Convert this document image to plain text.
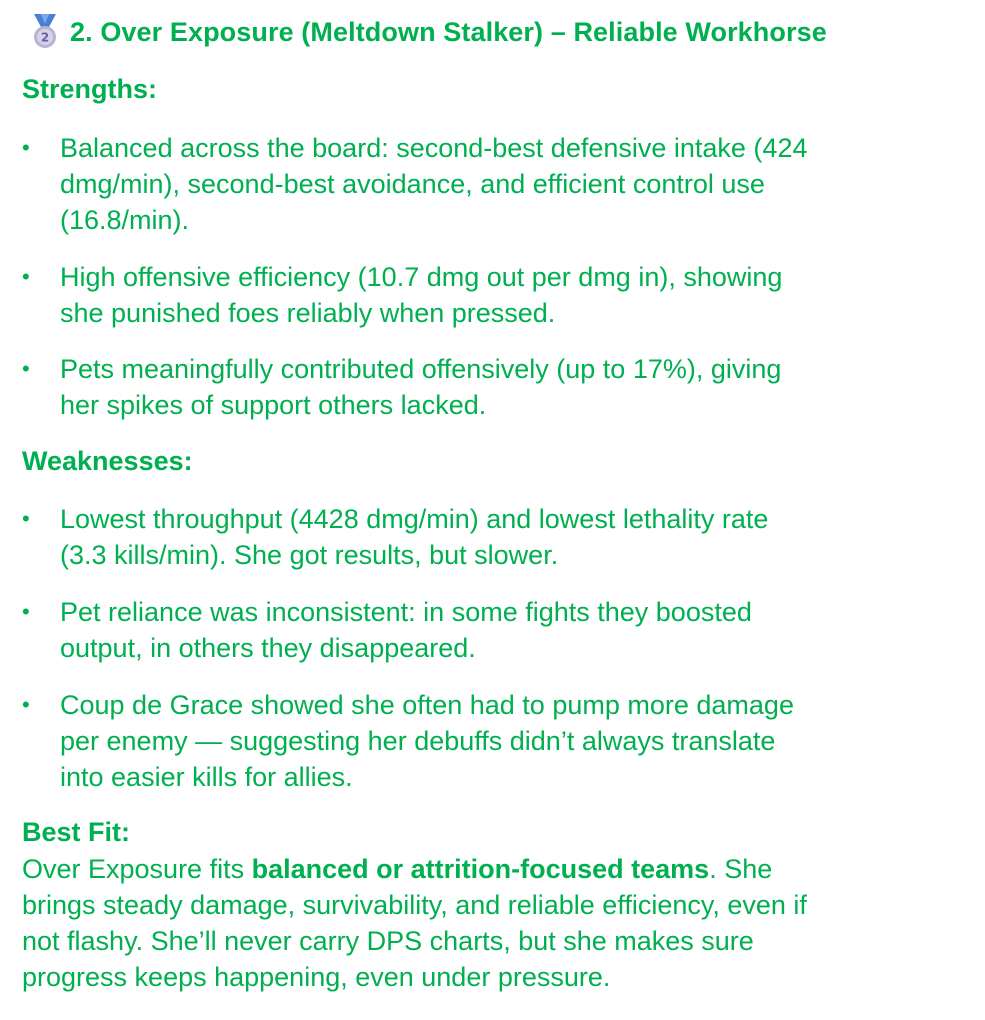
2 2. Over Exposure (Meltdown Stalker) – Reliable Workhorse
Strengths:
•	Balanced across the board: second-best defensive intake (424
dmg/min), second-best avoidance, and efficient control use
(16.8/min).
•	High offensive efficiency (10.7 dmg out per dmg in), showing
she punished foes reliably when pressed.
•	Pets meaningfully contributed offensively (up to 17%), giving
her spikes of support others lacked.
Weaknesses:
•	Lowest throughput (4428 dmg/min) and lowest lethality rate
(3.3 kills/min). She got results, but slower.
•	Pet reliance was inconsistent: in some fights they boosted
output, in others they disappeared.
•	Coup de Grace showed she often had to pump more damage
per enemy — suggesting her debuffs didn’t always translate
into easier kills for allies.
Best Fit:
Over Exposure fits balanced or attrition-focused teams. She
brings steady damage, survivability, and reliable efficiency, even if
not flashy. She’ll never carry DPS charts, but she makes sure
progress keeps happening, even under pressure.
